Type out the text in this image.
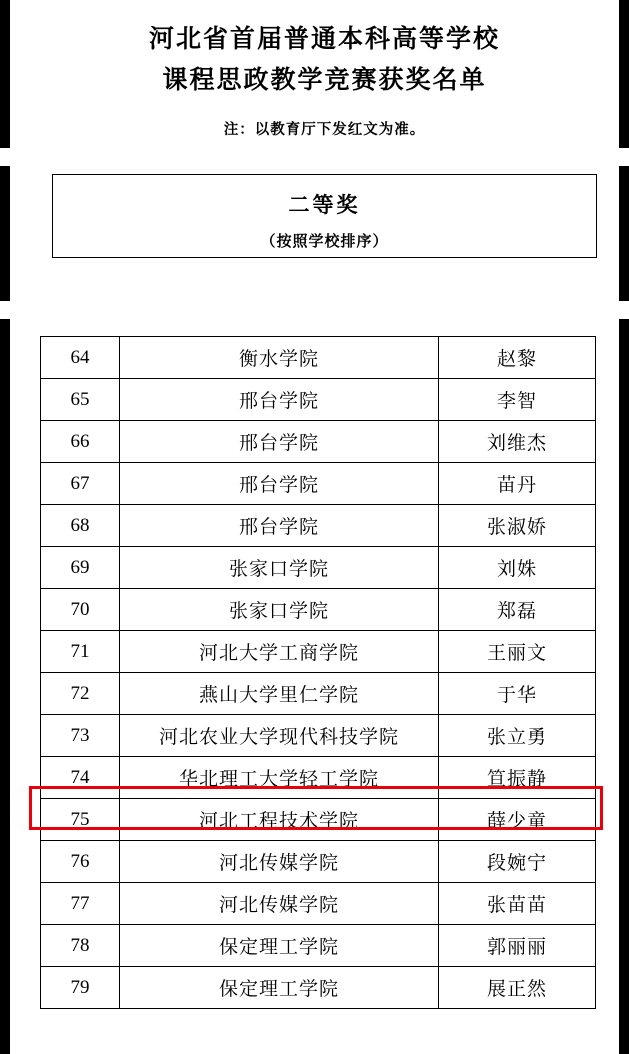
河北省首届普通本科高等学校
课程思政教学竞赛获奖名单
注：以教育厅下发红文为准。
二等奖
（按照学校排序）
64	衡水学院	赵黎
65	邢台学院	李智
66	邢台学院	刘维杰
67	邢台学院	苗丹
68	邢台学院	张淑娇
69	张家口学院	刘姝
70	张家口学院	郑磊
71	河北大学工商学院	王丽文
72	燕山大学里仁学院	于华
73	河北农业大学现代科技学院	张立勇
74	华北理工大学轻工学院	笪振静
75	河北工程技术学院	薛少童
76	河北传媒学院	段婉宁
77	河北传媒学院	张苗苗
78	保定理工学院	郭丽丽
79	保定理工学院	展正然
